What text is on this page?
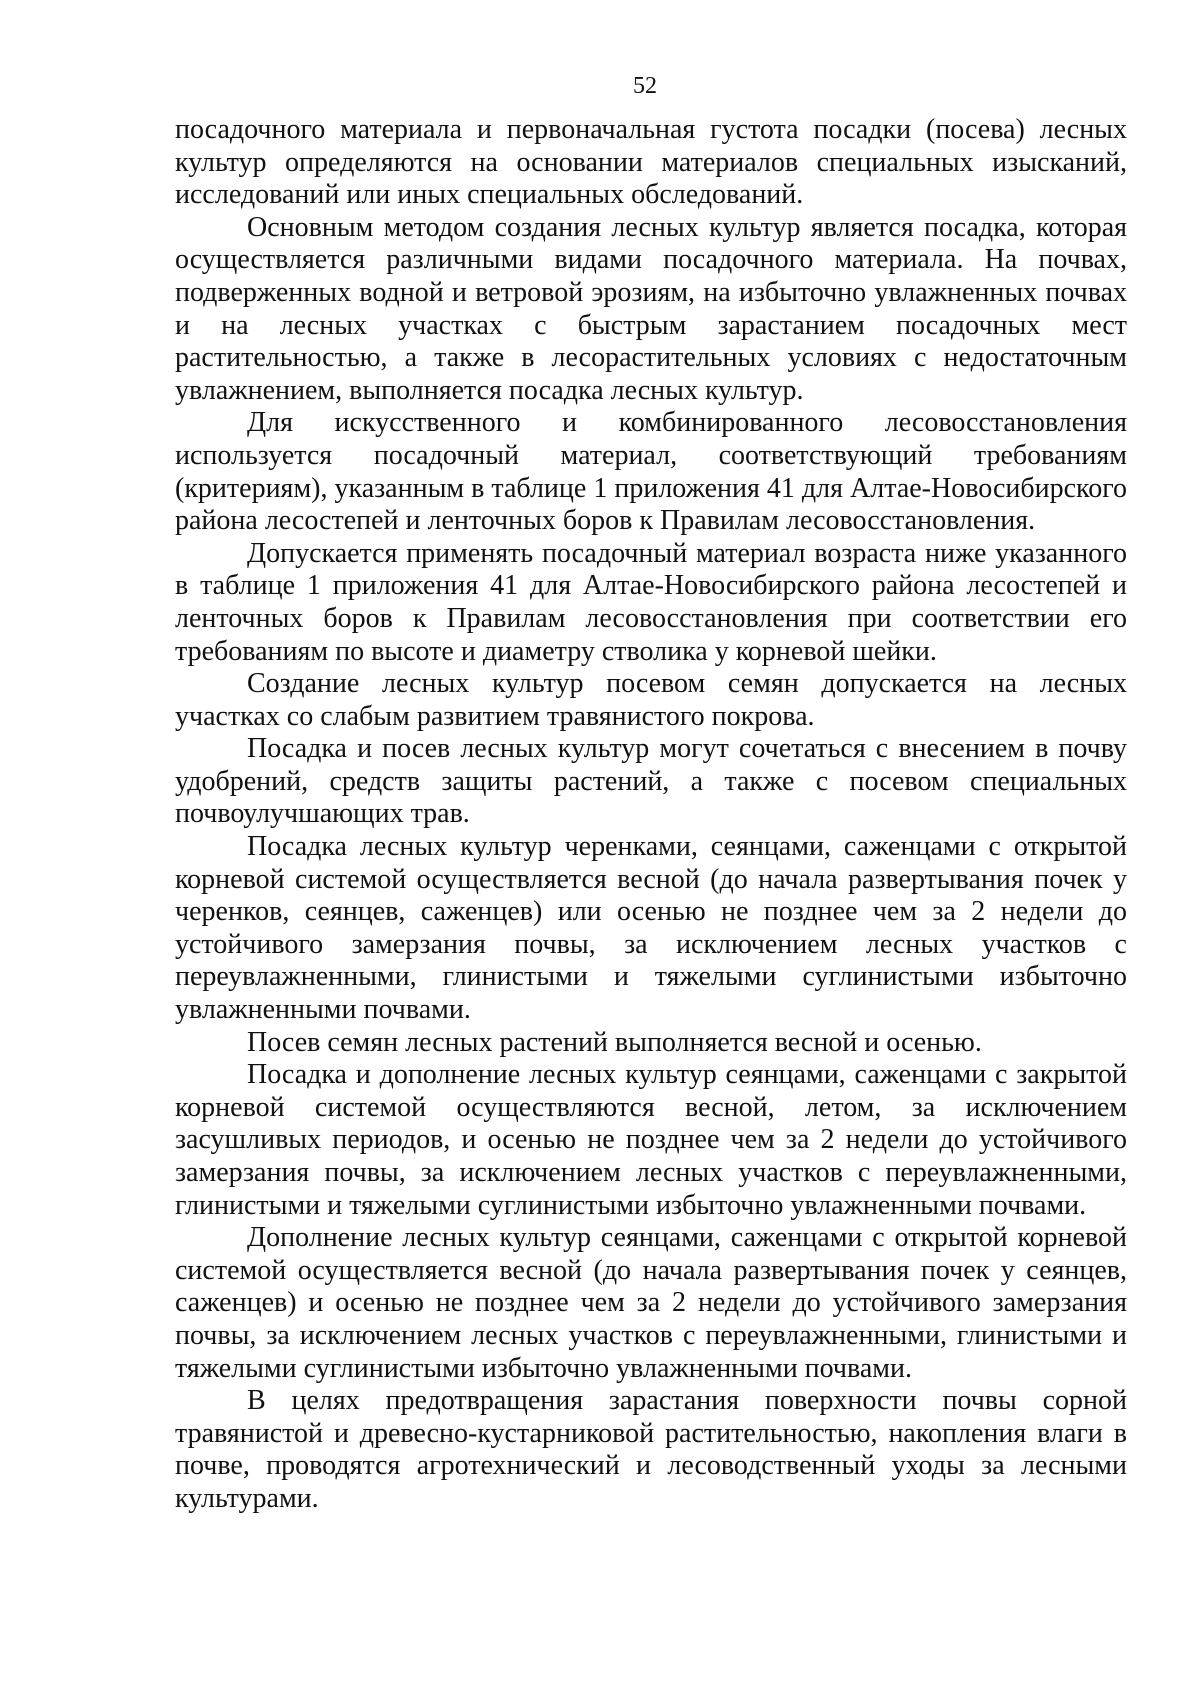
52

посадочного материала и первоначальная густота посадки (посева) лесных культур определяются на основании материалов специальных изысканий, исследований или иных специальных обследований.

Основным методом создания лесных культур является посадка, которая осуществляется различными видами посадочного материала. На почвах, подверженных водной и ветровой эрозиям, на избыточно увлажненных почвах и на лесных участках с быстрым зарастанием посадочных мест растительностью, а также в лесорастительных условиях с недостаточным увлажнением, выполняется посадка лесных культур.

Для искусственного и комбинированного лесовосстановления используется посадочный материал, соответствующий требованиям (критериям), указанным в таблице 1 приложения 41 для Алтае-Новосибирского района лесостепей и ленточных боров к Правилам лесовосстановления.

Допускается применять посадочный материал возраста ниже указанного в таблице 1 приложения 41 для Алтае-Новосибирского района лесостепей и ленточных боров к Правилам лесовосстановления при соответствии его требованиям по высоте и диаметру стволика у корневой шейки.

Создание лесных культур посевом семян допускается на лесных участках со слабым развитием травянистого покрова.

Посадка и посев лесных культур могут сочетаться с внесением в почву удобрений, средств защиты растений, а также с посевом специальных почвоулучшающих трав.

Посадка лесных культур черенками, сеянцами, саженцами с открытой корневой системой осуществляется весной (до начала развертывания почек у черенков, сеянцев, саженцев) или осенью не позднее чем за 2 недели до устойчивого замерзания почвы, за исключением лесных участков с переувлажненными, глинистыми и тяжелыми суглинистыми избыточно увлажненными почвами.

Посев семян лесных растений выполняется весной и осенью.

Посадка и дополнение лесных культур сеянцами, саженцами с закрытой корневой системой осуществляются весной, летом, за исключением засушливых периодов, и осенью не позднее чем за 2 недели до устойчивого замерзания почвы, за исключением лесных участков с переувлажненными, глинистыми и тяжелыми суглинистыми избыточно увлажненными почвами.

Дополнение лесных культур сеянцами, саженцами с открытой корневой системой осуществляется весной (до начала развертывания почек у сеянцев, саженцев) и осенью не позднее чем за 2 недели до устойчивого замерзания почвы, за исключением лесных участков с переувлажненными, глинистыми и тяжелыми суглинистыми избыточно увлажненными почвами.

В целях предотвращения зарастания поверхности почвы сорной травянистой и древесно-кустарниковой растительностью, накопления влаги в почве, проводятся агротехнический и лесоводственный уходы за лесными культурами.
